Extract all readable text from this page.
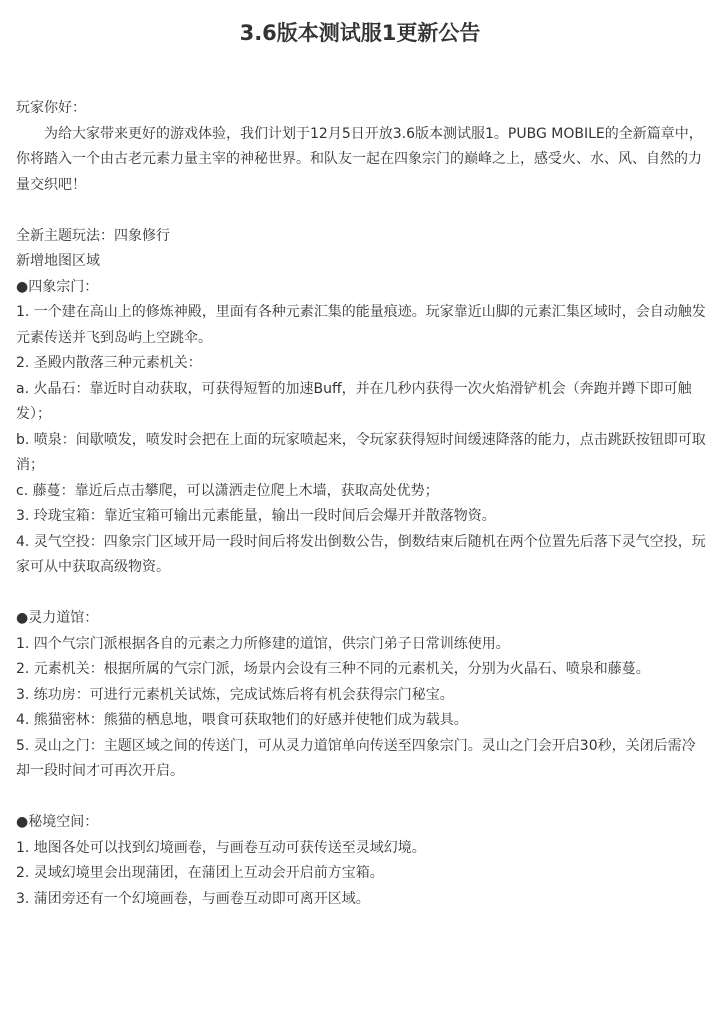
3.6版本测试服1更新公告

玩家你好：

为给大家带来更好的游戏体验，我们计划于12月5日开放3.6版本测试服1。PUBG MOBILE的全新篇章中，你将踏入一个由古老元素力量主宰的神秘世界。和队友一起在四象宗门的巅峰之上，感受火、水、风、自然的力量交织吧！

全新主题玩法：四象修行

新增地图区域

●四象宗门：

1. 一个建在高山上的修炼神殿，里面有各种元素汇集的能量痕迹。玩家靠近山脚的元素汇集区域时，会自动触发元素传送并飞到岛屿上空跳伞。

2. 圣殿内散落三种元素机关：

a. 火晶石：靠近时自动获取，可获得短暂的加速Buff，并在几秒内获得一次火焰滑铲机会（奔跑并蹲下即可触发）；

b. 喷泉：间歇喷发，喷发时会把在上面的玩家喷起来，令玩家获得短时间缓速降落的能力，点击跳跃按钮即可取消；

c. 藤蔓：靠近后点击攀爬，可以潇洒走位爬上木墙，获取高处优势；

3. 玲珑宝箱：靠近宝箱可输出元素能量，输出一段时间后会爆开并散落物资。

4. 灵气空投：四象宗门区域开局一段时间后将发出倒数公告，倒数结束后随机在两个位置先后落下灵气空投，玩家可从中获取高级物资。

●灵力道馆：

1. 四个气宗门派根据各自的元素之力所修建的道馆，供宗门弟子日常训练使用。

2. 元素机关：根据所属的气宗门派，场景内会设有三种不同的元素机关，分别为火晶石、喷泉和藤蔓。

3. 练功房：可进行元素机关试炼，完成试炼后将有机会获得宗门秘宝。

4. 熊猫密林：熊猫的栖息地，喂食可获取牠们的好感并使牠们成为载具。

5. 灵山之门：主题区域之间的传送门，可从灵力道馆单向传送至四象宗门。灵山之门会开启30秒，关闭后需冷却一段时间才可再次开启。

●秘境空间：

1. 地图各处可以找到幻境画卷，与画卷互动可获传送至灵域幻境。

2. 灵域幻境里会出现蒲团，在蒲团上互动会开启前方宝箱。

3. 蒲团旁还有一个幻境画卷，与画卷互动即可离开区域。
